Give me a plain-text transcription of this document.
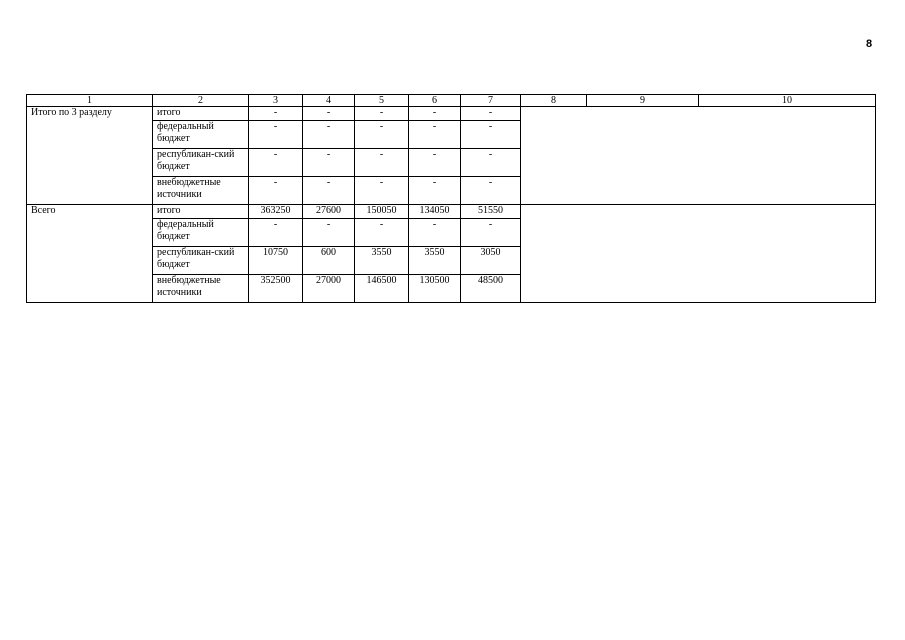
8
1	2	3	4	5	6	7	8	9	10
Итого по 3 разделу	итого	-	-	-	-	-			
	федеральный бюджет	-	-	-	-	-			
	республикан-ский бюджет	-	-	-	-	-			
	внебюджетные источники	-	-	-	-	-			
Всего	итого	363250	27600	150050	134050	51550			
	федеральный бюджет	-	-	-	-	-			
	республикан-ский бюджет	10750	600	3550	3550	3050			
	внебюджетные источники	352500	27000	146500	130500	48500			
